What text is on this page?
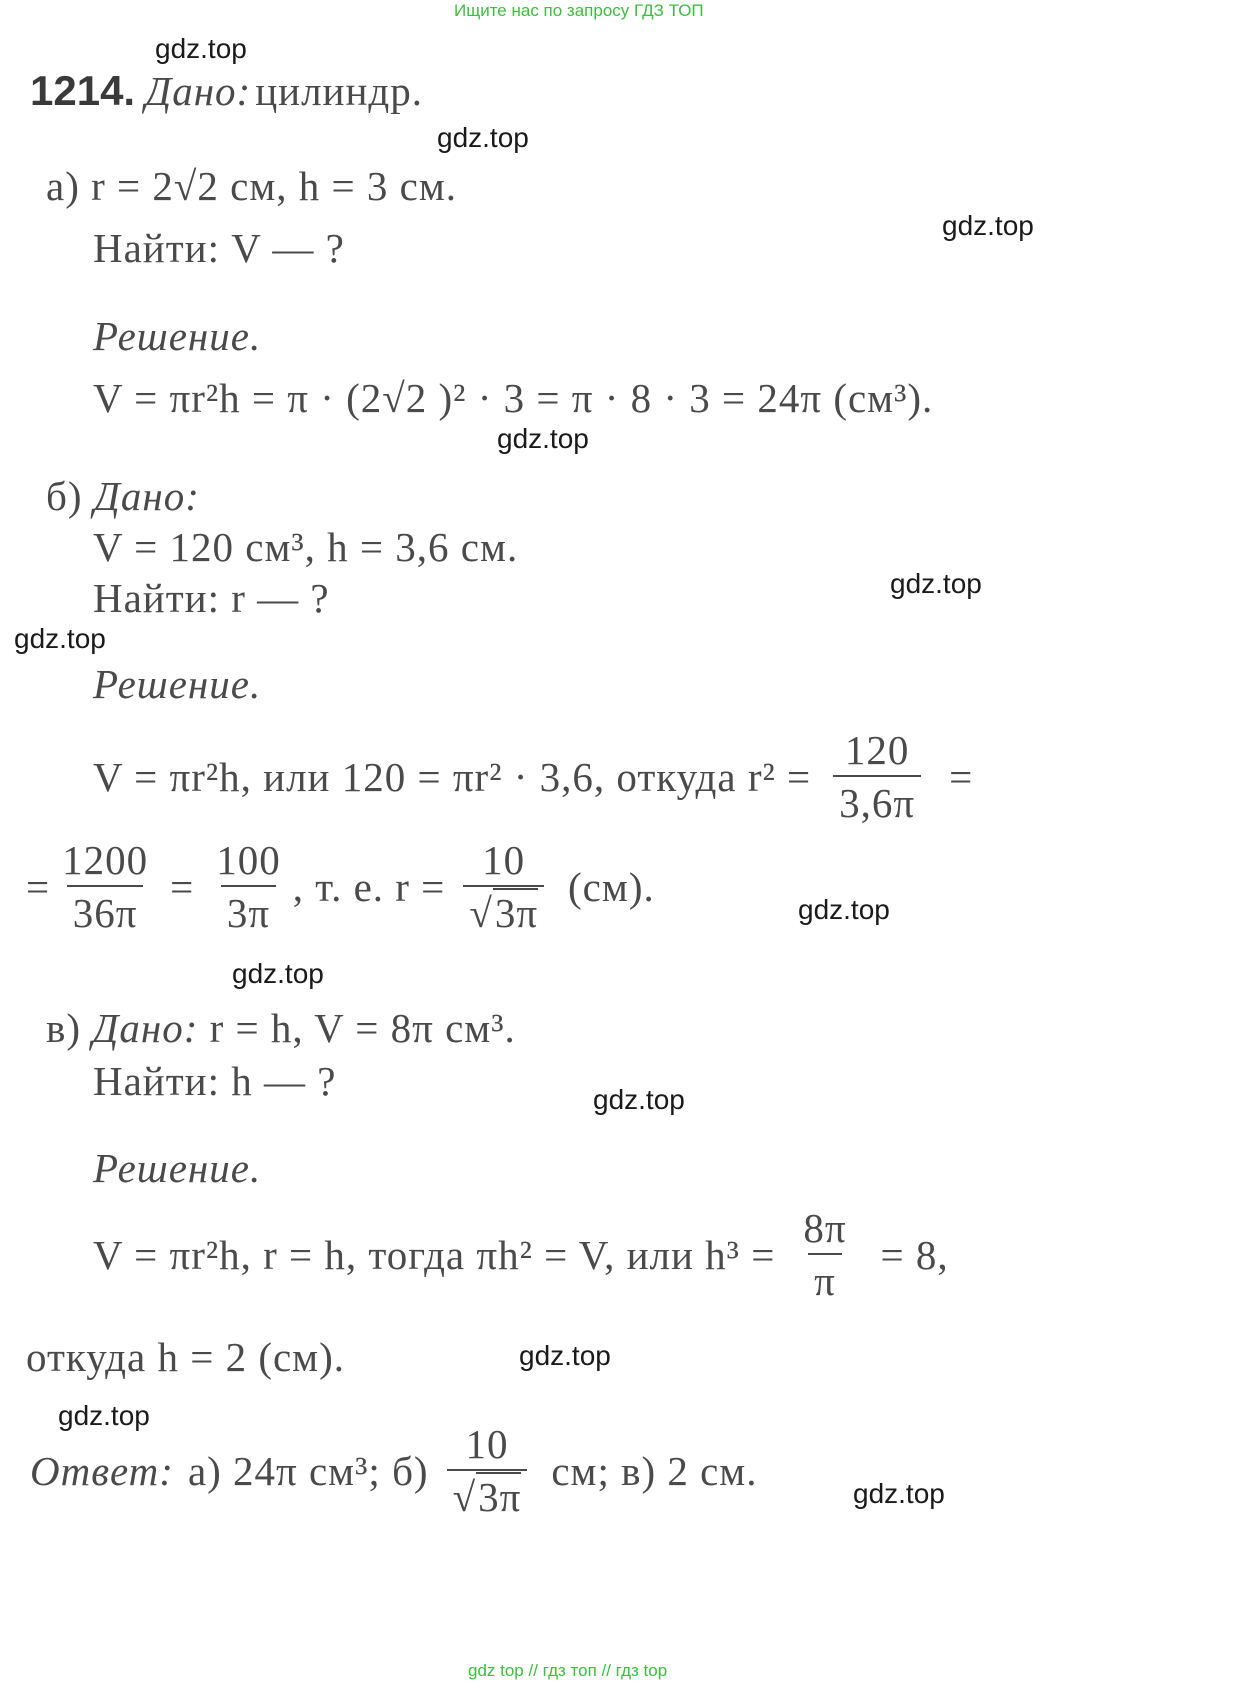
Ищите нас по запросу ГДЗ ТОП
gdz top // гдз топ // гдз top
gdz.top
gdz.top
gdz.top
gdz.top
gdz.top
gdz.top
gdz.top
gdz.top
gdz.top
gdz.top
gdz.top
gdz.top
1214. Дано: цилиндр.
а) r = 2√2 см, h = 3 см.
Найти: V — ?
Решение.
V = πr²h = π · (2√2 )² · 3 = π · 8 · 3 = 24π (см³).
б) Дано:
V = 120 см³, h = 3,6 см.
Найти: r — ?
Решение.
V = πr²h, или 120 = πr² · 3,6, откуда $r^2 = \frac{120}{3,6\pi}$ =
= $\frac{1200}{36\pi} = \frac{100}{3\pi}$ , т. е. $r = \frac{10}{√3\pi} (см)$.
в) Дано: r = h, V = 8π см³.
Найти: h — ?
Решение.
V = πr²h, r = h, тогда πh² = V, или $h^3 = \frac{8\pi}{\pi} = 8$,
откуда h = 2 (см).
Ответ: а) 24π см³; $б) \frac{10}{√3\pi}$ см; в) 2 см.
